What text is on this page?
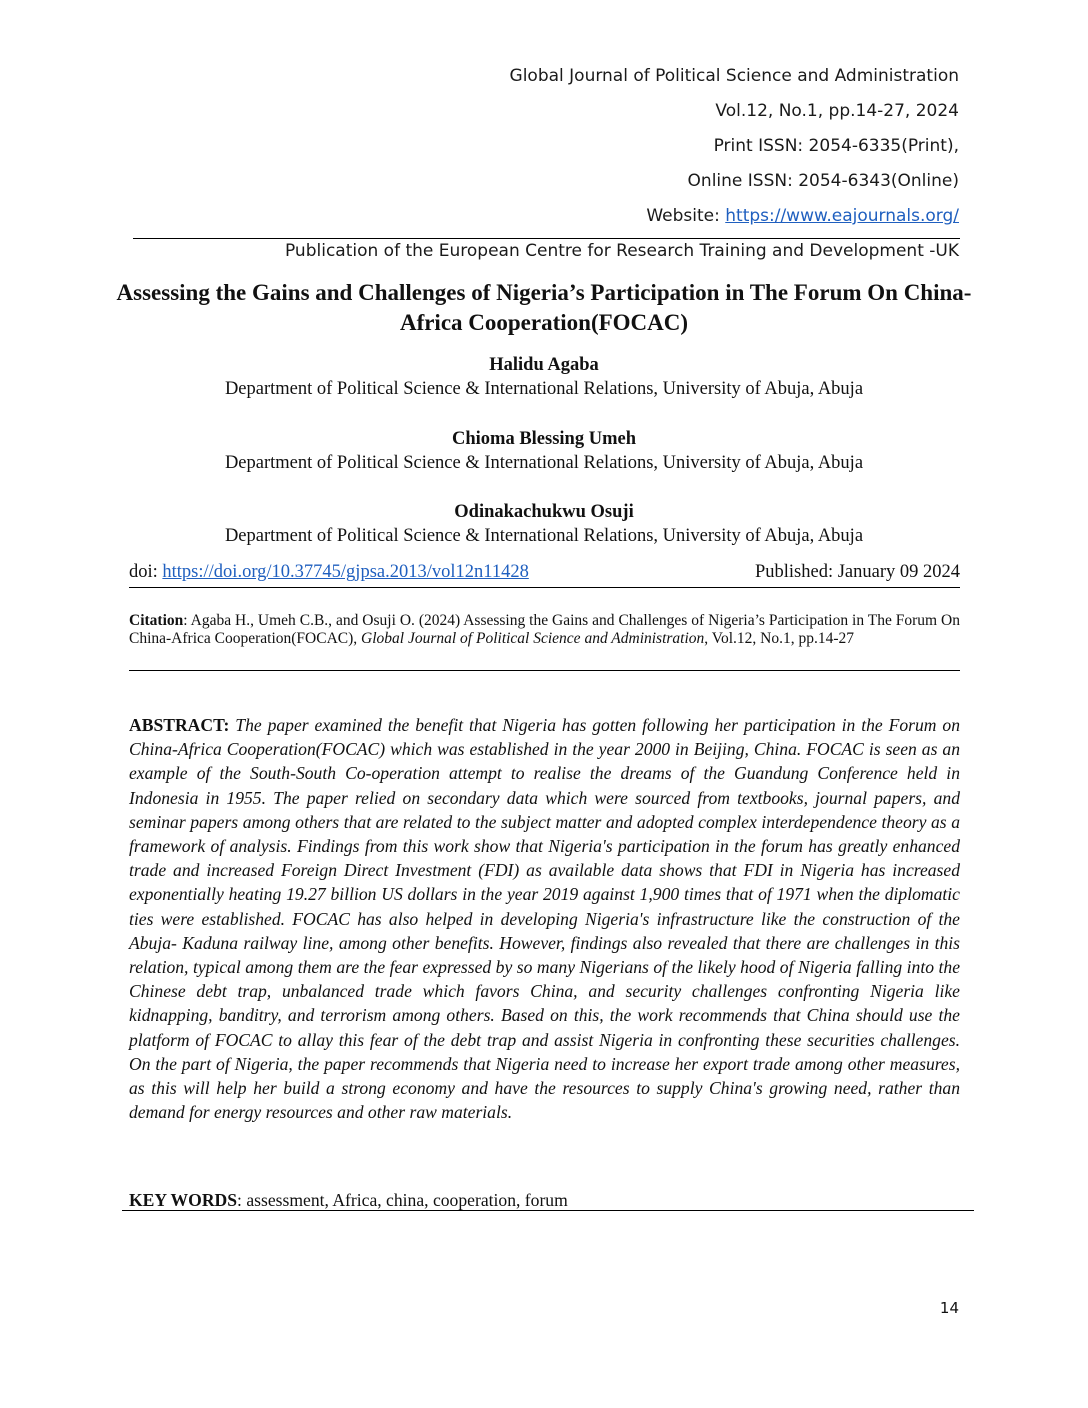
Global Journal of Political Science and Administration
Vol.12, No.1, pp.14-27, 2024
Print ISSN: 2054-6335(Print),
Online ISSN: 2054-6343(Online)
Website: https://www.eajournals.org/
Publication of the European Centre for Research Training and Development -UK
Assessing the Gains and Challenges of Nigeria’s Participation in The Forum On China-Africa Cooperation(FOCAC)
Halidu Agaba
Department of Political Science & International Relations, University of Abuja, Abuja
Chioma Blessing Umeh
Department of Political Science & International Relations, University of Abuja, Abuja
Odinakachukwu Osuji
Department of Political Science & International Relations, University of Abuja, Abuja
doi: https://doi.org/10.37745/gjpsa.2013/vol12n11428	Published: January 09 2024
Citation: Agaba H., Umeh C.B., and Osuji O. (2024) Assessing the Gains and Challenges of Nigeria’s Participation in The Forum On China-Africa Cooperation(FOCAC), Global Journal of Political Science and Administration, Vol.12, No.1, pp.14-27
ABSTRACT: The paper examined the benefit that Nigeria has gotten following her participation in the Forum on China-Africa Cooperation(FOCAC) which was established in the year 2000 in Beijing, China. FOCAC is seen as an example of the South-South Co-operation attempt to realise the dreams of the Guandung Conference held in Indonesia in 1955. The paper relied on secondary data which were sourced from textbooks, journal papers, and seminar papers among others that are related to the subject matter and adopted complex interdependence theory as a framework of analysis. Findings from this work show that Nigeria's participation in the forum has greatly enhanced trade and increased Foreign Direct Investment (FDI) as available data shows that FDI in Nigeria has increased exponentially heating 19.27 billion US dollars in the year 2019 against 1,900 times that of 1971 when the diplomatic ties were established. FOCAC has also helped in developing Nigeria's infrastructure like the construction of the Abuja- Kaduna railway line, among other benefits. However, findings also revealed that there are challenges in this relation, typical among them are the fear expressed by so many Nigerians of the likely hood of Nigeria falling into the Chinese debt trap, unbalanced trade which favors China, and security challenges confronting Nigeria like kidnapping, banditry, and terrorism among others. Based on this, the work recommends that China should use the platform of FOCAC to allay this fear of the debt trap and assist Nigeria in confronting these securities challenges. On the part of Nigeria, the paper recommends that Nigeria need to increase her export trade among other measures, as this will help her build a strong economy and have the resources to supply China's growing need, rather than demand for energy resources and other raw materials.
KEY WORDS: assessment, Africa, china, cooperation, forum
14
